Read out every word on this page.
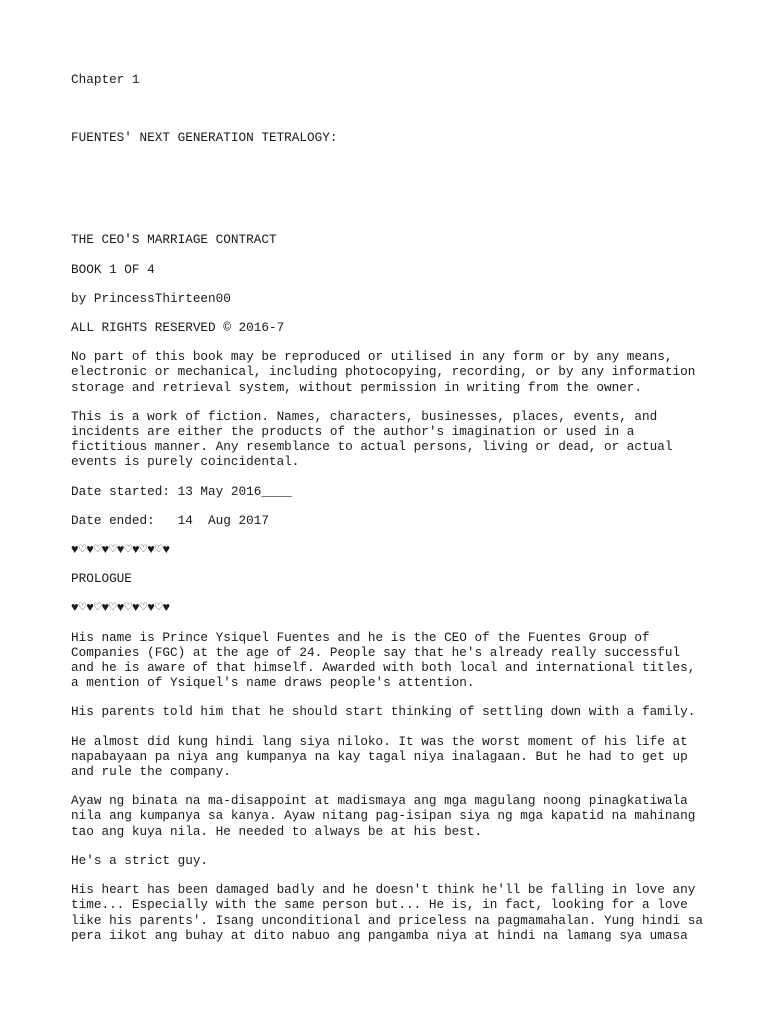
Chapter 1

FUENTES' NEXT GENERATION TETRALOGY:

THE CEO'S MARRIAGE CONTRACT

BOOK 1 OF 4

by PrincessThirteen00

ALL RIGHTS RESERVED © 2016-7

No part of this book may be reproduced or utilised in any form or by any means,
electronic or mechanical, including photocopying, recording, or by any information
storage and retrieval system, without permission in writing from the owner.

This is a work of fiction. Names, characters, businesses, places, events, and
incidents are either the products of the author's imagination or used in a
fictitious manner. Any resemblance to actual persons, living or dead, or actual
events is purely coincidental.

Date started: 13 May 2016____

Date ended:   14  Aug 2017

♥♡♥♡♥♡♥♡♥♡♥♡♥

PROLOGUE

♥♡♥♡♥♡♥♡♥♡♥♡♥

His name is Prince Ysiquel Fuentes and he is the CEO of the Fuentes Group of
Companies (FGC) at the age of 24. People say that he's already really successful
and he is aware of that himself. Awarded with both local and international titles,
a mention of Ysiquel's name draws people's attention.

His parents told him that he should start thinking of settling down with a family.

He almost did kung hindi lang siya niloko. It was the worst moment of his life at
napabayaan pa niya ang kumpanya na kay tagal niya inalagaan. But he had to get up
and rule the company.

Ayaw ng binata na ma-disappoint at madismaya ang mga magulang noong pinagkatiwala
nila ang kumpanya sa kanya. Ayaw nitang pag-isipan siya ng mga kapatid na mahinang
tao ang kuya nila. He needed to always be at his best.

He's a strict guy.

His heart has been damaged badly and he doesn't think he'll be falling in love any
time... Especially with the same person but... He is, in fact, looking for a love
like his parents'. Isang unconditional and priceless na pagmamahalan. Yung hindi sa
pera iikot ang buhay at dito nabuo ang pangamba niya at hindi na lamang sya umasa
